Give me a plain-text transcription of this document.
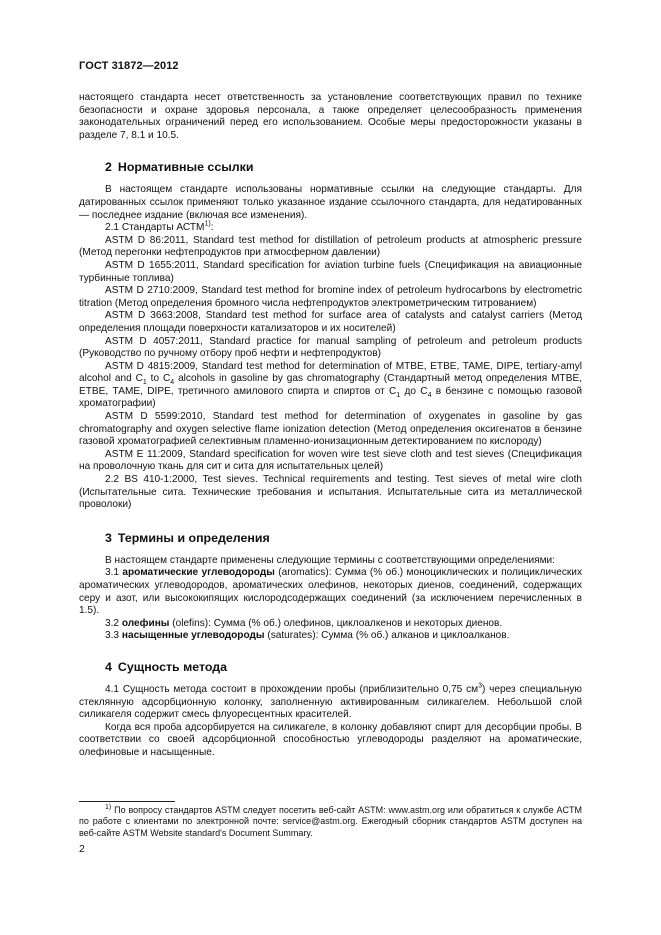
ГОСТ 31872—2012

настоящего стандарта несет ответственность за установление соответствующих правил по технике безопасности и охране здоровья персонала, а также определяет целесообразность применения законодательных ограничений перед его использованием. Особые меры предосторожности указаны в разделе 7, 8.1 и 10.5.

2 Нормативные ссылки

В настоящем стандарте использованы нормативные ссылки на следующие стандарты. Для датированных ссылок применяют только указанное издание ссылочного стандарта, для недатированных — последнее издание (включая все изменения).

2.1 Стандарты АСТМ$^{1)}$:

ASTM D 86:2011, Standard test method for distillation of petroleum products at atmospheric pressure (Метод перегонки нефтепродуктов при атмосферном давлении)

ASTM D 1655:2011, Standard specification for aviation turbine fuels (Спецификация на авиационные турбинные топлива)

ASTM D 2710:2009, Standard test method for bromine index of petroleum hydrocarbons by electrometric titration (Метод определения бромного числа нефтепродуктов электрометрическим титрованием)

ASTM D 3663:2008, Standard test method for surface area of catalysts and catalyst carriers (Метод определения площади поверхности катализаторов и их носителей)

ASTM D 4057:2011, Standard practice for manual sampling of petroleum and petroleum products (Руководство по ручному отбору проб нефти и нефтепродуктов)

ASTM D 4815:2009, Standard test method for determination of MTBE, ETBE, TAME, DIPE, tertiary-amyl alcohol and $C_1$ to $C_4$ alcohols in gasoline by gas chromatography (Стандартный метод определения МТВЕ, ЕТВЕ, ТАМЕ, DIPE, третичного амилового спирта и спиртов от $С_1$ до $С_4$ в бензине с помощью газовой хроматографии)

ASTM D 5599:2010, Standard test method for determination of oxygenates in gasoline by gas chromatography and oxygen selective flame ionization detection (Метод определения оксигенатов в бензине газовой хроматографией селективным пламенно-ионизационным детектированием по кислороду)

ASTM E 11:2009, Standard specification for woven wire test sieve cloth and test sieves (Спецификация на проволочную ткань для сит и сита для испытательных целей)

2.2 BS 410-1:2000, Test sieves. Technical requirements and testing. Test sieves of metal wire cloth (Испытательные сита. Технические требования и испытания. Испытательные сита из металлической проволоки)

3 Термины и определения

В настоящем стандарте применены следующие термины с соответствующими определениями:

3.1 ароматические углеводороды (aromatics): Сумма (% об.) моноциклических и полициклических ароматических углеводородов, ароматических олефинов, некоторых диенов, соединений, содержащих серу и азот, или высококипящих кислородсодержащих соединений (за исключением перечисленных в 1.5).

3.2 олефины (olefins): Сумма (% об.) олефинов, циклоалкенов и некоторых диенов.

3.3 насыщенные углеводороды (saturates): Сумма (% об.) алканов и циклоалканов.

4 Сущность метода

4.1 Сущность метода состоит в прохождении пробы (приблизительно 0,75 $см^3$) через специальную стеклянную адсорбционную колонку, заполненную активированным силикагелем. Небольшой слой силикагеля содержит смесь флуоресцентных красителей.

Когда вся проба адсорбируется на силикагеле, в колонку добавляют спирт для десорбции пробы. В соответствии со своей адсорбционной способностью углеводороды разделяют на ароматические, олефиновые и насыщенные.

$^{1)}$ По вопросу стандартов ASTM следует посетить веб-сайт ASTM: www.astm.org или обратиться к службе ACTM по работе с клиентами по электронной почте: service@astm.org. Ежегодный сборник стандартов ASTM доступен на веб-сайте ASTM Website standard's Document Summary.

2
